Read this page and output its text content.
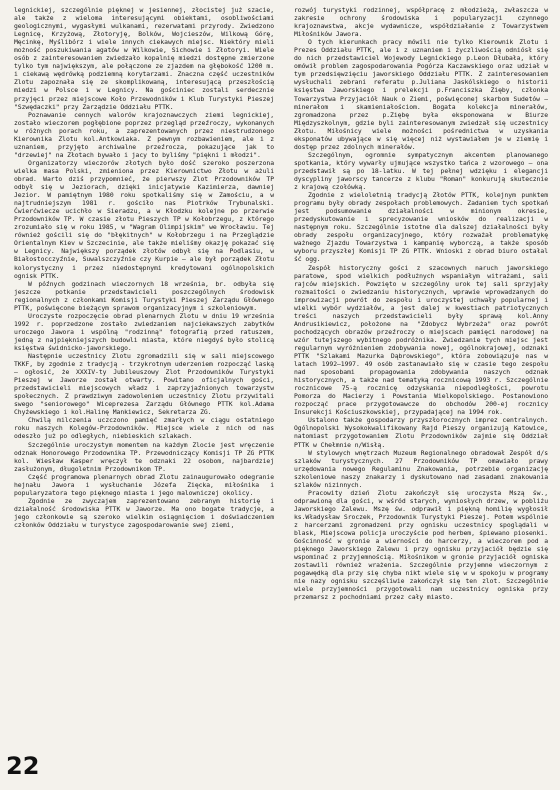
legnickiej, szczególnie pięknej w jesiennej, złocistej już szacie, ale także z wieloma interesującymi obiektami, osobliwościami geologicznymi, wygasłymi wulkanami, rezerwatami przyrody. Zwiedzono Legnicę, Krzyżową, Złotoryję, Bolków, Wojcieszów, Wilkową Górę, Męcinkę, Myślibórz i wiele innych ciekawych miejsc. Niektóry mieli możność poszukiwania agatów w Wilkowie, Sichowie i Złotoryi. Wiele osób z zainteresowaniem zwiedzało kopalnię miedzi dostępne zmierzone tylko tym największym, ale połączone ze zjazdem na głębokość 1200 m. i ciekawą wędrówką podziemną korytarzami. Znaczna część uczestników Zlotu zapoznała się ze skomplikowaną, interesującą przeszłością miedzi w Polsce i w Legnicy. Na gościniec zostali serdecznie przyjęci przez miejscowe Koło Przewodników i Klub Turystyki Pieszej "Szwędaczki" przy Zarządzie Oddziału PTTK.

Poznawanie cennych walorów krajoznawczych ziemi legnickiej, zostało wieczorem pogłębione poprzez przegląd przeźroczy, wykonanych w różnych porach roku, a zaprezentowanych przez niestrudzonego Kierownika Zlotu kol.Antkowiaka. Z pewnym rozbawieniem, ale i z uznaniem, przyjęto archiwalne przeźrocza, pokazujące jak to "drzewiej" na Złotach bywało i jacy to byliśmy "piękni i młodzi".

Organizatorzy wieczorów złotych było dość szeroko poszerzona wielka masa Polski, zmieniona przez Kierownictwo Złotu w ażuli obrad. Warto dziś przypomnieć, że pierwszy Zlot Przodowników TP odbył się w Jeziorach, dzięki inicjatywie Kazimierza, dawniej Jezior. W pamiętnym 1980 roku spotkaliśmy się w Zamościu, a w najtrudniejszym 1981 r. gościło nas Piotrków Trybunalski. Ćwierćwiecze ucichło w Sieradzu, a w Kłodzku kolejne po przerwie Przodowników TP. W czasie złotu Pieszych TP w Kołobrzegu, z którego zrozumiało się w roku 1985, w "Wagram Olimpijskim" we Wrocławiu. Tej również gościli się do "błękitnych" w Kołobrzegu i na Przeglądzie Orientalnym Kiev w Szczecinie, ale także mieliśmy okazję pokazać się w Legnicy. Największy porządek złotów odbył się na Podlasiu, w Białostocczyźnie, Suwalszczyźnie czy Kurpie – ale był porządek Złotu kolorystyczny i przez niedostępnymi kredytowani ogólnopolskich ognisk PTTK.

W późnych godzinach wieczornych 18 września, br. odbyła się jeszcze potkanie przedstawicieli poszczególnych środowisk regionalnych z członkami Komisji Turystyki Pieszej Zarządu Głównego PTTK, poświęcone bieżącym sprawom organizacyjnym i szkoleniowym.

Uroczyste rozpoczęcie obrad plenarnych Zlotu w dniu 19 września 1992 r. poprzedzone zostało zwiedzaniem najciekawszych zabytków uroczego Jawora i wspólną "rodzinną" fotografią przed ratuszem, jedną z najpiękniejszych budowli miasta, które niegdyś było stolicą księstwa świdnicko-jaworskiego.

Następnie uczestnicy Zlotu zgromadzili się w sali miejscowego TKKF, by zgodnie z tradycją - trzykrotnym uderzeniem rozpocząć laską – ogłosić, że XXXIV-ty Jubileuszowy Zlot Przodowników Turystyki Pieszej w Jaworze został otwarty. Powitano oficjalnych gości, przedstawicieli miejscowych władz i zaprzyjaźnionych towarzystw społecznych. Z prawdziwym zadowoleniem uczestnicy Zlotu przywitali swego "seniorowego" Wiceprezesa Zarządu Głównego PTTK kol.Adama Chyżewskiego i kol.Halinę Mankiewicz, Sekretarza ZG.

Chwilą milczenia uczczono pamięć zmarłych w ciągu ostatniego roku naszych Kolegów-Przodowników. Miejsce wiele z nich od nas odeszło już po odległych, niebieskich szlakach.

Szczególnie uroczystym momentem na każdym Zlocie jest wręczenie odznak Honorowego Przodownika TP. Przewodniczący Komisji TP ZG PTTK kol. Wiesław Kasper wręczył te odznaki 22 osobom, najbardziej zasłużonym, długoletnim Przodownikom TP.

Część programowa plenarnych obrad Zlotu zainaugurowało odegranie hejnału Jawora i wysłuchanie Józefa Zięcka, miłośnika i popularyzatora tego pięknego miasta i jego malowniczej okolicy.

Zgodnie ze zwyczajem zaprezentowano zebranym historię i działalność środowiska PTTK w Jaworze. Ma ono bogate tradycje, a jego członkowie są szeroko wielkim osiągnięciom i doświadczeniem członków Oddziału w turystyce zagospodarowanie swej ziemi,

rozwój turystyki rodzinnej, współpracę z młodzieżą, zwłaszcza w zakresie ochrony środowiska i popularyzacji czynnego krajoznawstwa, akcje wydawnicze, współdziałanie z Towarzystwem Miłośników Jawora.

O tych kierunkach pracy mówili nie tylko Kierownik Zlotu i Prezes Oddziału PTTK, ale i z uznaniem i życzliwością odniósł się do nich przedstawiciel Wojewody Legnickiego p.Leon Dłubała, który omówił problem zagospodarowania Pogórza Kaczawskiego oraz udział w tym przedsięwzięciu jaworskiego Oddziału PTTK. Z zainteresowaniem wysłuchali zebrani referatu p.Juliana Jaskólskiego o historii księstwa Jaworskiego i prelekcji p.Franciszka Zięby, członka Towarzystwa Przyjaciół Nauk o Ziemi, poświęconej skarbom Sudetów – minerałom i skamieniałościom. Bogata kolekcja minerałów, zgromadzona przez p.Ziębę była eksponowana w Biurze Międzyszkolnym, gdzie byli zainteresowanym zwiedzał się uczestnicy Złotu. Miłośnicy wiele możności pośrednictwa w uzyskania eksponatów ubywające w się więcej niż wystawiałem je w ziemię i dostęp przez zdolnych minerałów.

Szczególnym, ogromnie sympatycznym akcentem planowanego spotkania, który wywarły ujmujące wszystko tańca z wzorowego – ona przedstawił są po 18-latku. W tej pełnej wdzięku i elegancji dyscypliny jaworscy tancerze z klubu "Roman" konkurują skutecznie z krajową czołówką.

Zgodnie z wieloletnią tradycją Złotów PTTK, kolejnym punktem programu były obrady zespołach problemowych. Zadaniem tych spotkań jest podsumowanie działalności w minionym okresie, przedyskutowanie i sprecyzowanie wniosków do realizacji w następnym roku. Szczególnie istotne dla dalszej działalności były obrady zespołu organizacyjnego, który rozważał problematykę ważnego Zjazdu Towarzystwa i kampanię wyborczą, a także sposób wyboru przyszłej Komisji TP ZG PTTK. Wnioski z obrad biuro ostałal ść ogg.

Zespół historyczny gości z szacownych naruch jaworskiego paratowe, spod wielkich podłużnych wspaniałym witrażami, sali rajców miejskich. Powzięto w szczególny urok tej sali sprzyjały rozmaitości o zwiedzaniu historycznych, wprawie wprowadzanych do improwizacji powrót do zespołu i uroczystej uchwały popularnej i wielki wybór wydziałów, a jest dalej w kwestiach patriotycznych treści naszych przedstawicieli były sprawą kol.Anny Andrusikiewicz, położone na "Zdobycz Wybrzeża" oraz powrót pochodzących obrazów przeźroczy o miejscach pamięci narodowej na wzór tutejszego wybitnego podróżnika. Zwiedzanie tych miejsc jest regularnym wyróżnieniem zdobywania nowej, ogólnokrajowej, odznaki PTTK "Szlakami Mazurka Dąbrowskiego", która zobowiązuje nas w latach 1992–1997. 49 osób zastanawiało się w czasie tego zespołu nad sposobami propagowania zdobywania naszych odznak historycznych, a także nad tematyką rocznicową 1993 r. Szczególnie rocznicowe 75-ą rocznicę odzyskania niepodległości, powrotu Pomorza do Macierzy i Powstania Wielkopolskiego. Postanowiono rozpocząć prace przygotowawcze do obchodów 200-ej rocznicy Insurekcji Kościuszkowskiej, przypadającej na 1994 rok.

Ustalono także gospodarzy przyszłorocznych imprez centralnych. Ogólnopolski Wysokokwalifikowany Rajd Pieszy organizują Katowice, natomiast przygotowaniem Zlotu Przodowników zajmie się Oddział PTTK w Chełmnie n/Wisłą.

W stylowych wnętrzach Muzeum Regionalnego obradował Zespół d/s szlaków turystycznych. 27 Przodowników TP omawiało prawy urzędowania nowego Regulaminu Znakowania, potrzebie organizację szkoleniowe naszy znakarzy i dyskutowano nad zasadami znakowania szlaków nizinnych.

Pracowity dzień Zlotu zakończył się uroczysta Mszą św., odprawioną dla gości, w wśród starych, wyniosłych drzew, w pobliżu Jaworskiego Zalewu. Mszę św. odprawił i piękną homilię wygłosił ks.Władysław Sroczek, Przodownik Turystyki Pieszej. Potem wspólnie z harcerzami zgromadzeni przy ognisku uczestnicy spoglądali w blask, Miejscowa policja uroczyście pod herbem, śpiewano piosenki. Gościnność w gronie a wierności do harcerzy, a wieczorem pod a pięknego Jaworskiego Zalewu i przy ognisku przyjaciół będzie się wspominać z przyjemnością. Miłośnikom w gronie przyjaciół ogniska zostawili również wrażenia. Szczególnie przyjemne wieczornym z pogawędką dla przy się chyba nikt wiele się w w spokoju w programy nie nazy ognisku szczęśliwie zakończył się ten zlot. Szczególnie wiele przyjemności przygotowali nam uczestnicy ogniska przy przemarsz z pochodniami przez cały miasto.

22
